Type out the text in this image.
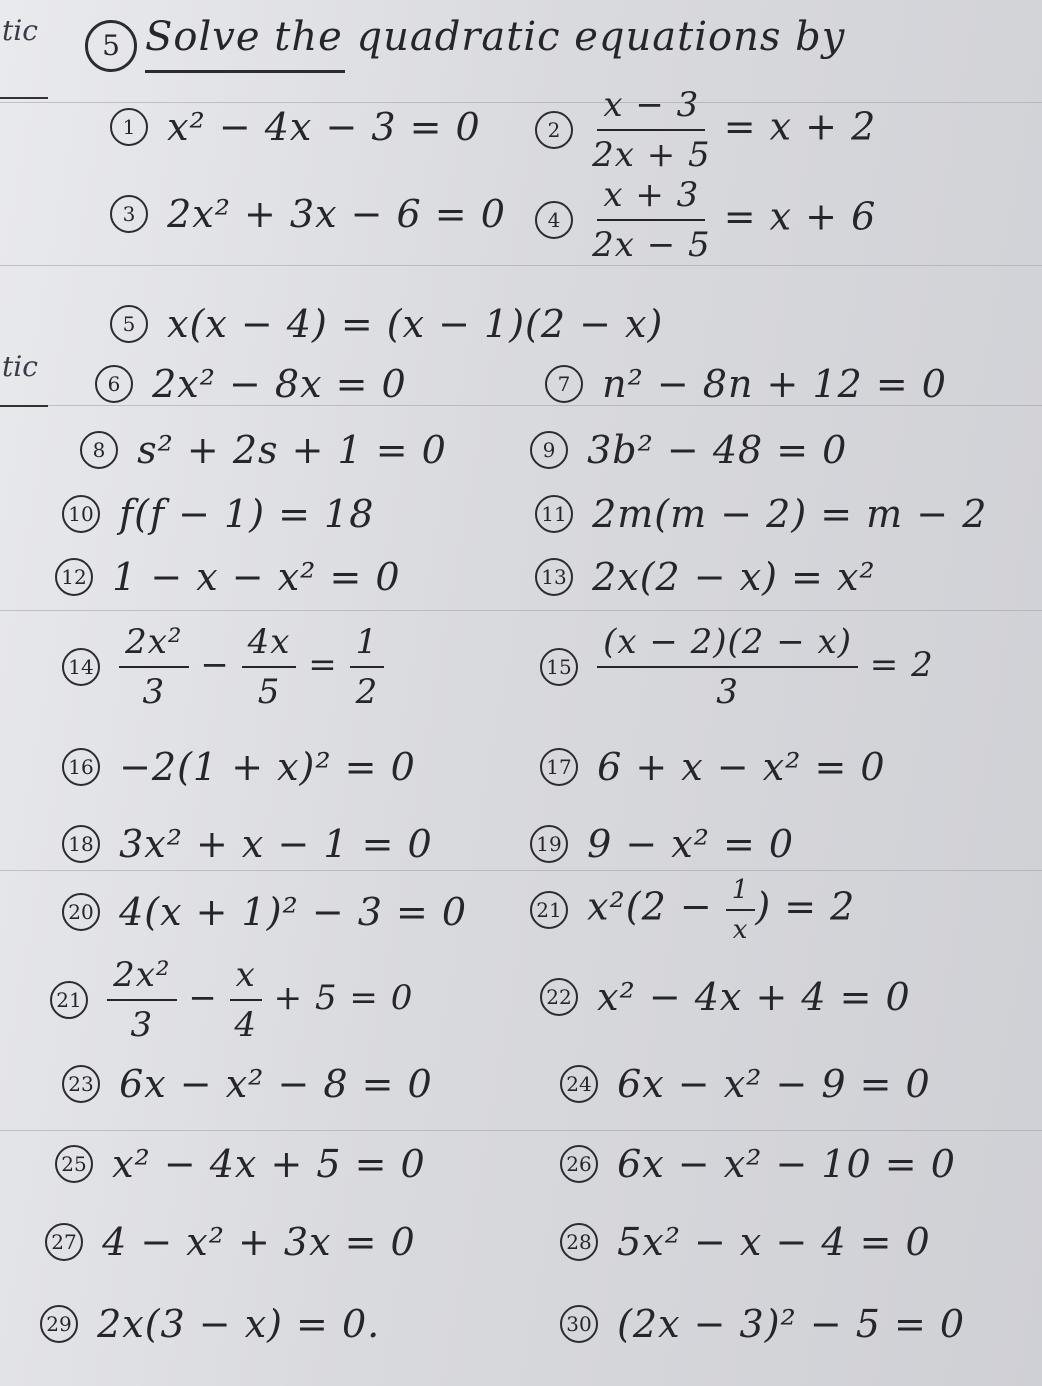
tic
tic
5 Solve the quadratic equations by
1 x² − 4x − 3 = 0	$2 \frac{x - 3}{2x + 5} = x + 2$
3 2x² + 3x − 6 = 0	$4 \frac{x + 3}{2x - 5} = x + 6$
5 x(x − 4) = (x − 1)(2 − x)
6 2x² − 8x = 0	7 n² − 8n + 12 = 0
8 s² + 2s + 1 = 0	9 3b² − 48 = 0
10 f(f − 1) = 18	11 2m(m − 2) = m − 2
12 1 − x − x² = 0	13 2x(2 − x) = x²
$14 \frac{\text{2x²}}{3} - \frac{4x}{5} = \frac{1}{2}$	$15 \frac{(x - 2)(2 - x)}{3} = 2$
16 −2(1 + x)² = 0	17 6 + x − x² = 0
18 3x² + x − 1 = 0	19 9 − x² = 0
20 4(x + 1)² − 3 = 0	21 $x^2(2 - \frac{1}{x}$ ) = 2
$21 \frac{\text{2x²}}{3} - \frac{x}{4} + 5 = 0$	22 x² − 4x + 4 = 0
23 6x − x² − 8 = 0	24 6x − x² − 9 = 0
25 x² − 4x + 5 = 0	26 6x − x² − 10 = 0
27 4 − x² + 3x = 0	28 5x² − x − 4 = 0
29 2x(3 − x) = 0.	30 (2x − 3)² − 5 = 0
